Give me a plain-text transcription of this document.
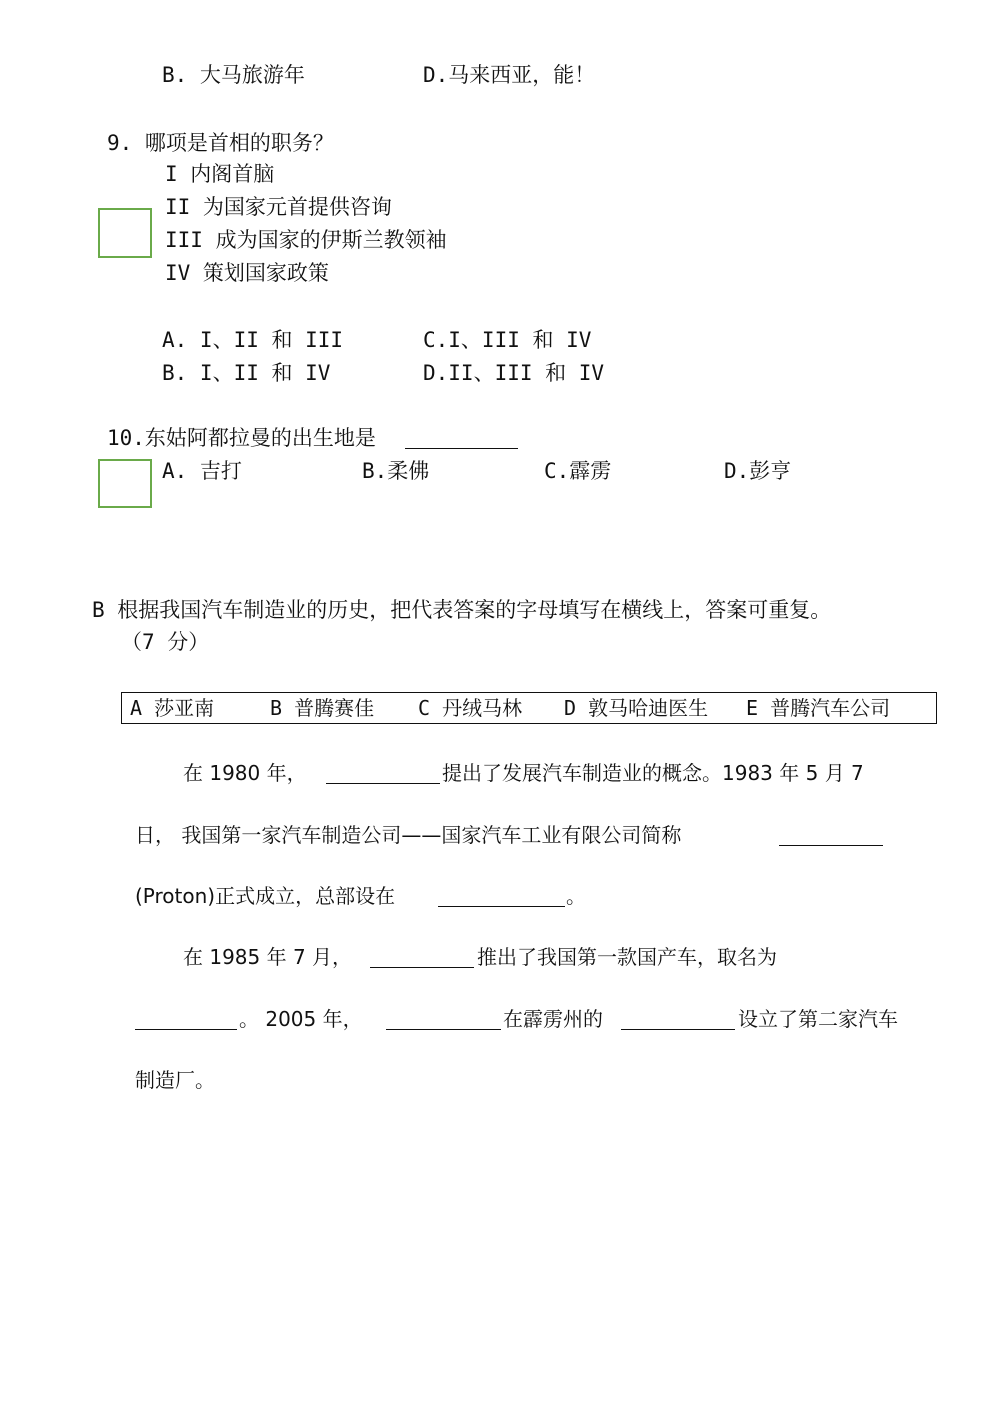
B. 大马旅游年	D.马来西亚，能！
9. 哪项是首相的职务？
I 内阁首脑
II 为国家元首提供咨询
III 成为国家的伊斯兰教领袖
IV 策划国家政策
A. I、II 和 III	C.I、III 和 IV
B. I、II 和 IV	D.II、III 和 IV
10.东姑阿都拉曼的出生地是
A. 吉打	B.柔佛	C.霹雳	D.彭亨
B 根据我国汽车制造业的历史，把代表答案的字母填写在横线上，答案可重复。
（7 分）
A 莎亚南	B 普腾赛佳 C 丹绒马林 D 敦马哈迪医生 E 普腾汽车公司
在 1980 年，	提出了发展汽车制造业的概念。1983 年 5 月 7
日， 我国第一家汽车制造公司——国家汽车工业有限公司简称
(Proton)正式成立，总部设在	。
在 1985 年 7 月，	推出了我国第一款国产车，取名为
。 2005 年，	在霹雳州的	设立了第二家汽车
制造厂。
